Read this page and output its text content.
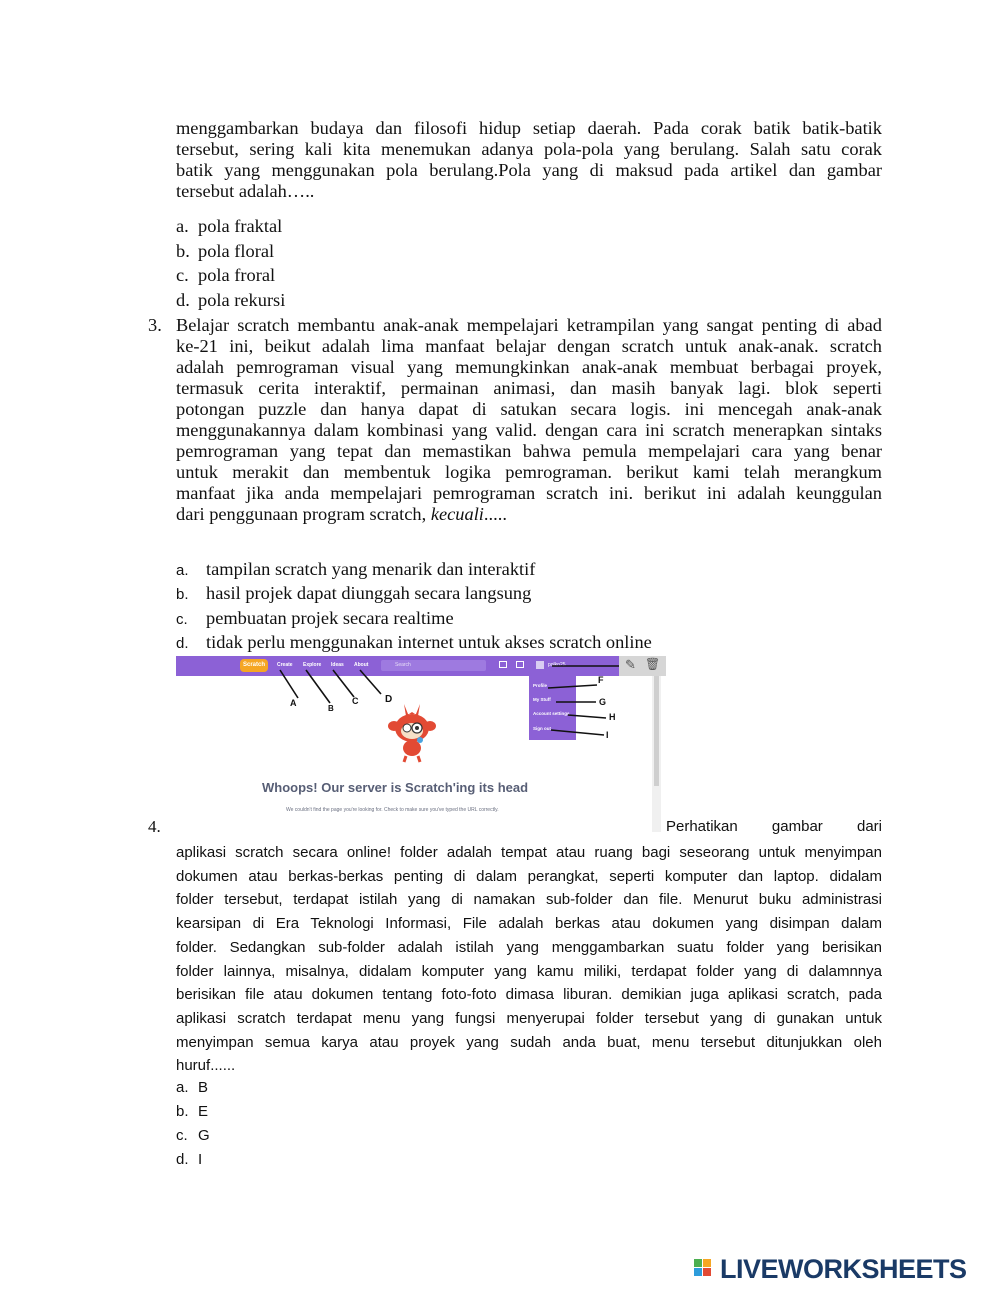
menggambarkan budaya dan filosofi hidup setiap daerah. Pada corak batik batik-batik
tersebut, sering kali kita menemukan adanya pola-pola yang berulang. Salah satu corak
batik yang menggunakan pola berulang.Pola yang di maksud pada artikel dan gambar
tersebut adalah…..
a. pola fraktal
b. pola floral
c. pola froral
d. pola rekursi
3. Belajar scratch membantu anak-anak mempelajari ketrampilan yang sangat penting di abad
ke-21 ini, beikut adalah lima manfaat belajar dengan scratch untuk anak-anak. scratch
adalah pemrograman visual yang memungkinkan anak-anak membuat berbagai proyek,
termasuk cerita interaktif, permainan animasi, dan masih banyak lagi. blok seperti
potongan puzzle dan hanya dapat di satukan secara logis. ini mencegah anak-anak
menggunakannya dalam kombinasi yang valid. dengan cara ini scratch menerapkan sintaks
pemrograman yang tepat dan memastikan bahwa pemula mempelajari cara yang benar
untuk merakit dan membentuk logika pemrograman. berikut kami telah merangkum
manfaat jika anda mempelajari pemrograman scratch ini. berikut ini adalah keunggulan
dari penggunaan program scratch, kecuali.....
a. tampilan scratch yang menarik dan interaktif
b. hasil projek dapat diunggah secara langsung
c. pembuatan projek secara realtime
d. tidak perlu menggunakan internet untuk akses scratch online
Scratch	Create Explore Ideas About	Search	polko25	✎ 🗑
Profile
My Stuff
Account settings
Sign out
A
B
C	D
F
G
H
I
Whoops! Our server is Scratch'ing its head
We couldn't find the page you're looking for. Check to make sure you've typed the URL correctly.
4.	Perhatikan gambar dari
aplikasi scratch secara online! folder adalah tempat atau ruang bagi seseorang untuk menyimpan
dokumen atau berkas-berkas penting di dalam perangkat, seperti komputer dan laptop. didalam
folder tersebut, terdapat istilah yang di namakan sub-folder dan file. Menurut buku administrasi
kearsipan di Era Teknologi Informasi, File adalah berkas atau dokumen yang disimpan dalam
folder. Sedangkan sub-folder adalah istilah yang menggambarkan suatu folder yang berisikan
folder lainnya, misalnya, didalam komputer yang kamu miliki, terdapat folder yang di dalamnnya
berisikan file atau dokumen tentang foto-foto dimasa liburan. demikian juga aplikasi scratch, pada
aplikasi scratch terdapat menu yang fungsi menyerupai folder tersebut yang di gunakan untuk
menyimpan semua karya atau proyek yang sudah anda buat, menu tersebut ditunjukkan oleh
huruf......
a. B
b. E
c. G
d. I
LIVEWORKSHEETS
